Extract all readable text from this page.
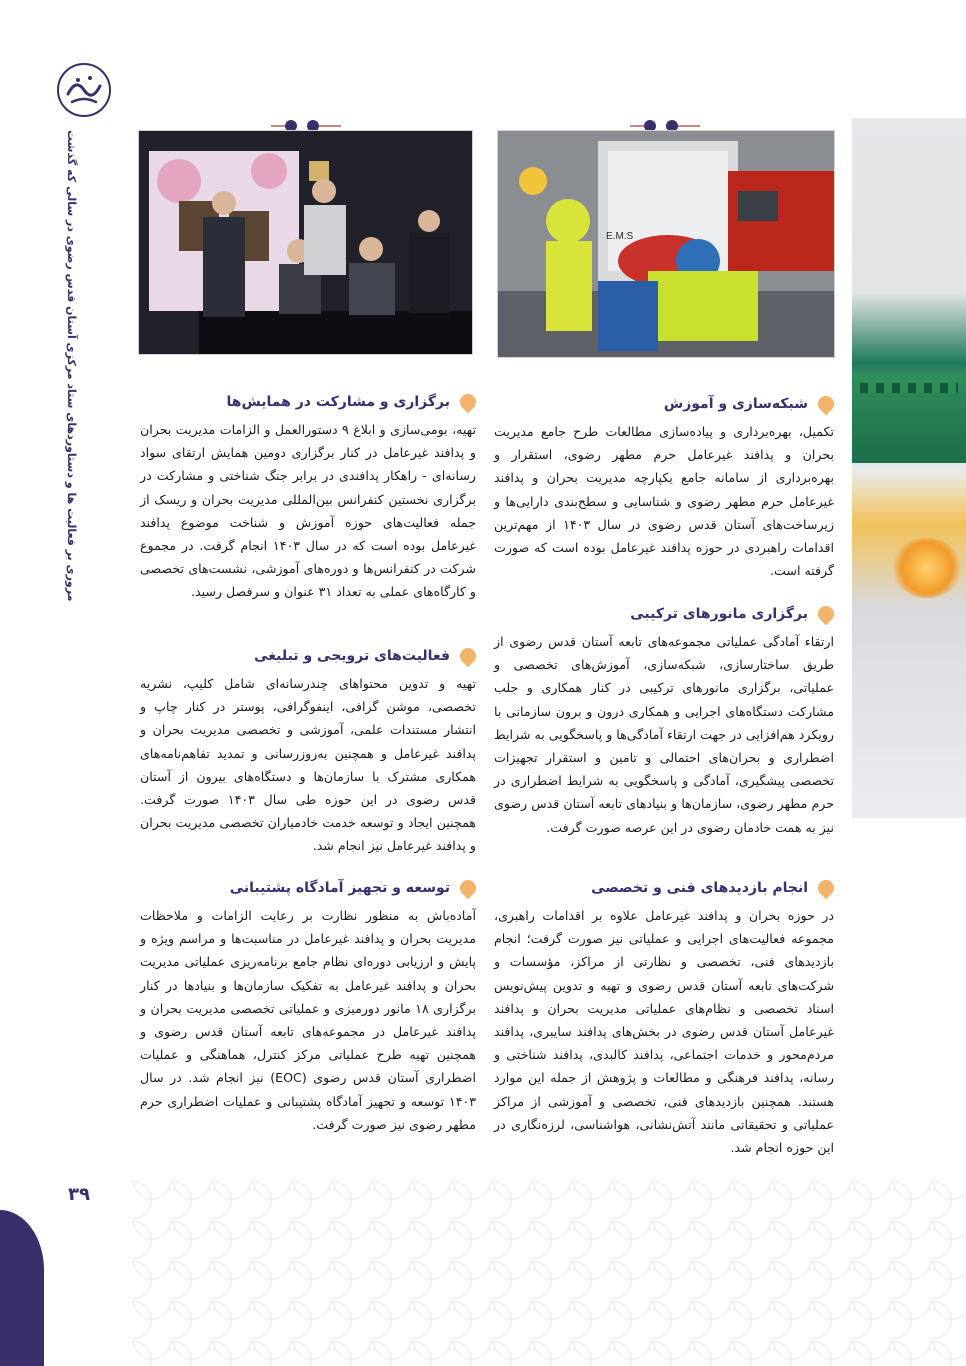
مروری بر فعالیت ها و دستاوردهای ستاد مرکزی آستان قدس رضوی در سالی که گذشت
۳۹
E.M.S
شبکه‌سازی و آموزش

تکمیل، بهره‌برداری و پیاده‌سازی مطالعات طرح جامع مدیریت بحران و پدافند غیرعامل حرم مطهر رضوی، استقرار و بهره‌برداری از سامانه جامع یکپارچه مدیریت بحران و پدافند غیرعامل حرم مطهر رضوی و شناسایی و سطح‌بندی دارایی‌ها و زیرساخت‌های آستان قدس رضوی در سال ۱۴۰۳ از مهم‌ترین اقدامات راهبردی در حوزه پدافند غیرعامل بوده است که صورت گرفته است.

برگزاری مانورهای ترکیبی

ارتقاء آمادگی عملیاتی مجموعه‌های تابعه آستان قدس رضوی از طریق ساختارسازی، شبکه‌سازی، آموزش‌های تخصصی و عملیاتی، برگزاری مانورهای ترکیبی در کنار همکاری و جلب مشارکت دستگاه‌های اجرایی و همکاری درون و برون سازمانی با رویکرد هم‌افزایی در جهت ارتقاء آمادگی‌ها و پاسخگویی به شرایط اضطراری و بحران‌های احتمالی و تامین و استقرار تجهیزات تخصصی پیشگیری، آمادگی و پاسخگویی به شرایط اضطراری در حرم مطهر رضوی، سازمان‌ها و بنیادهای تابعه آستان قدس رضوی نیز به همت خادمان رضوی در این عرصه صورت گرفت.

انجام بازدیدهای فنی و تخصصی

در حوزه بحران و پدافند غیرعامل علاوه بر اقدامات راهبری، مجموعه فعالیت‌های اجرایی و عملیاتی نیز صورت گرفت؛ انجام بازدیدهای فنی، تخصصی و نظارتی از مراکز، مؤسسات و شرکت‌های تابعه آستان قدس رضوی و تهیه و تدوین پیش‌نویس اسناد تخصصی و نظام‌های عملیاتی مدیریت بحران و پدافند غیرعامل آستان قدس رضوی در بخش‌های پدافند سایبری، پدافند مردم‌محور و خدمات اجتماعی، پدافند کالبدی، پدافند شناختی و رسانه، پدافند فرهنگی و مطالعات و پژوهش از جمله این موارد هستند. همچنین بازدیدهای فنی، تخصصی و آموزشی از مراکز عملیاتی و تحقیقاتی مانند آتش‌نشانی، هواشناسی، لرزه‌نگاری در این حوزه انجام شد.

برگزاری و مشارکت در همایش‌ها

تهیه، بومی‌سازی و ابلاغ ۹ دستورالعمل و الزامات مدیریت بحران و پدافند غیرعامل در کنار برگزاری دومین همایش ارتقای سواد رسانه‌ای - راهکار پدافندی در برابر جنگ شناختی و مشارکت در برگزاری نخستین کنفرانس بین‌المللی مدیریت بحران و ریسک از جمله فعالیت‌های حوزه آموزش و شناخت موضوع پدافند غیرعامل بوده است که در سال ۱۴۰۳ انجام گرفت. در مجموع شرکت در کنفرانس‌ها و دوره‌های آموزشی، نشست‌های تخصصی و کارگاه‌های عملی به تعداد ۳۱ عنوان و سرفصل رسید.

فعالیت‌های ترویجی و تبلیغی

تهیه و تدوین محتواهای چندرسانه‌ای شامل کلیپ، نشریه تخصصی، موشن گرافی، اینفوگرافی، پوستر در کنار چاپ و انتشار مستندات علمی، آموزشی و تخصصی مدیریت بحران و پدافند غیرعامل و همچنین به‌روزرسانی و تمدید تفاهم‌نامه‌های همکاری مشترک با سازمان‌ها و دستگاه‌های بیرون از آستان قدس رضوی در این حوزه طی سال ۱۴۰۳ صورت گرفت. همچنین ایجاد و توسعه خدمت خادمیاران تخصصی مدیریت بحران و پدافند غیرعامل نیز انجام شد.

توسعه و تجهیز آمادگاه پشتیبانی

آماده‌باش به منظور نظارت بر رعایت الزامات و ملاحظات مدیریت بحران و پدافند غیرعامل در مناسبت‌ها و مراسم ویژه و پایش و ارزیابی دوره‌ای نظام جامع برنامه‌ریزی عملیاتی مدیریت بحران و پدافند غیرعامل به تفکیک سازمان‌ها و بنیادها در کنار برگزاری ۱۸ مانور دورمیزی و عملیاتی تخصصی مدیریت بحران و پدافند غیرعامل در مجموعه‌های تابعه آستان قدس رضوی و همچنین تهیه طرح عملیاتی مرکز کنترل، هماهنگی و عملیات اضطراری آستان قدس رضوی (EOC) نیز انجام شد. در سال ۱۴۰۳ توسعه و تجهیز آمادگاه پشتیبانی و عملیات اضطراری حرم مطهر رضوی نیز صورت گرفت.
